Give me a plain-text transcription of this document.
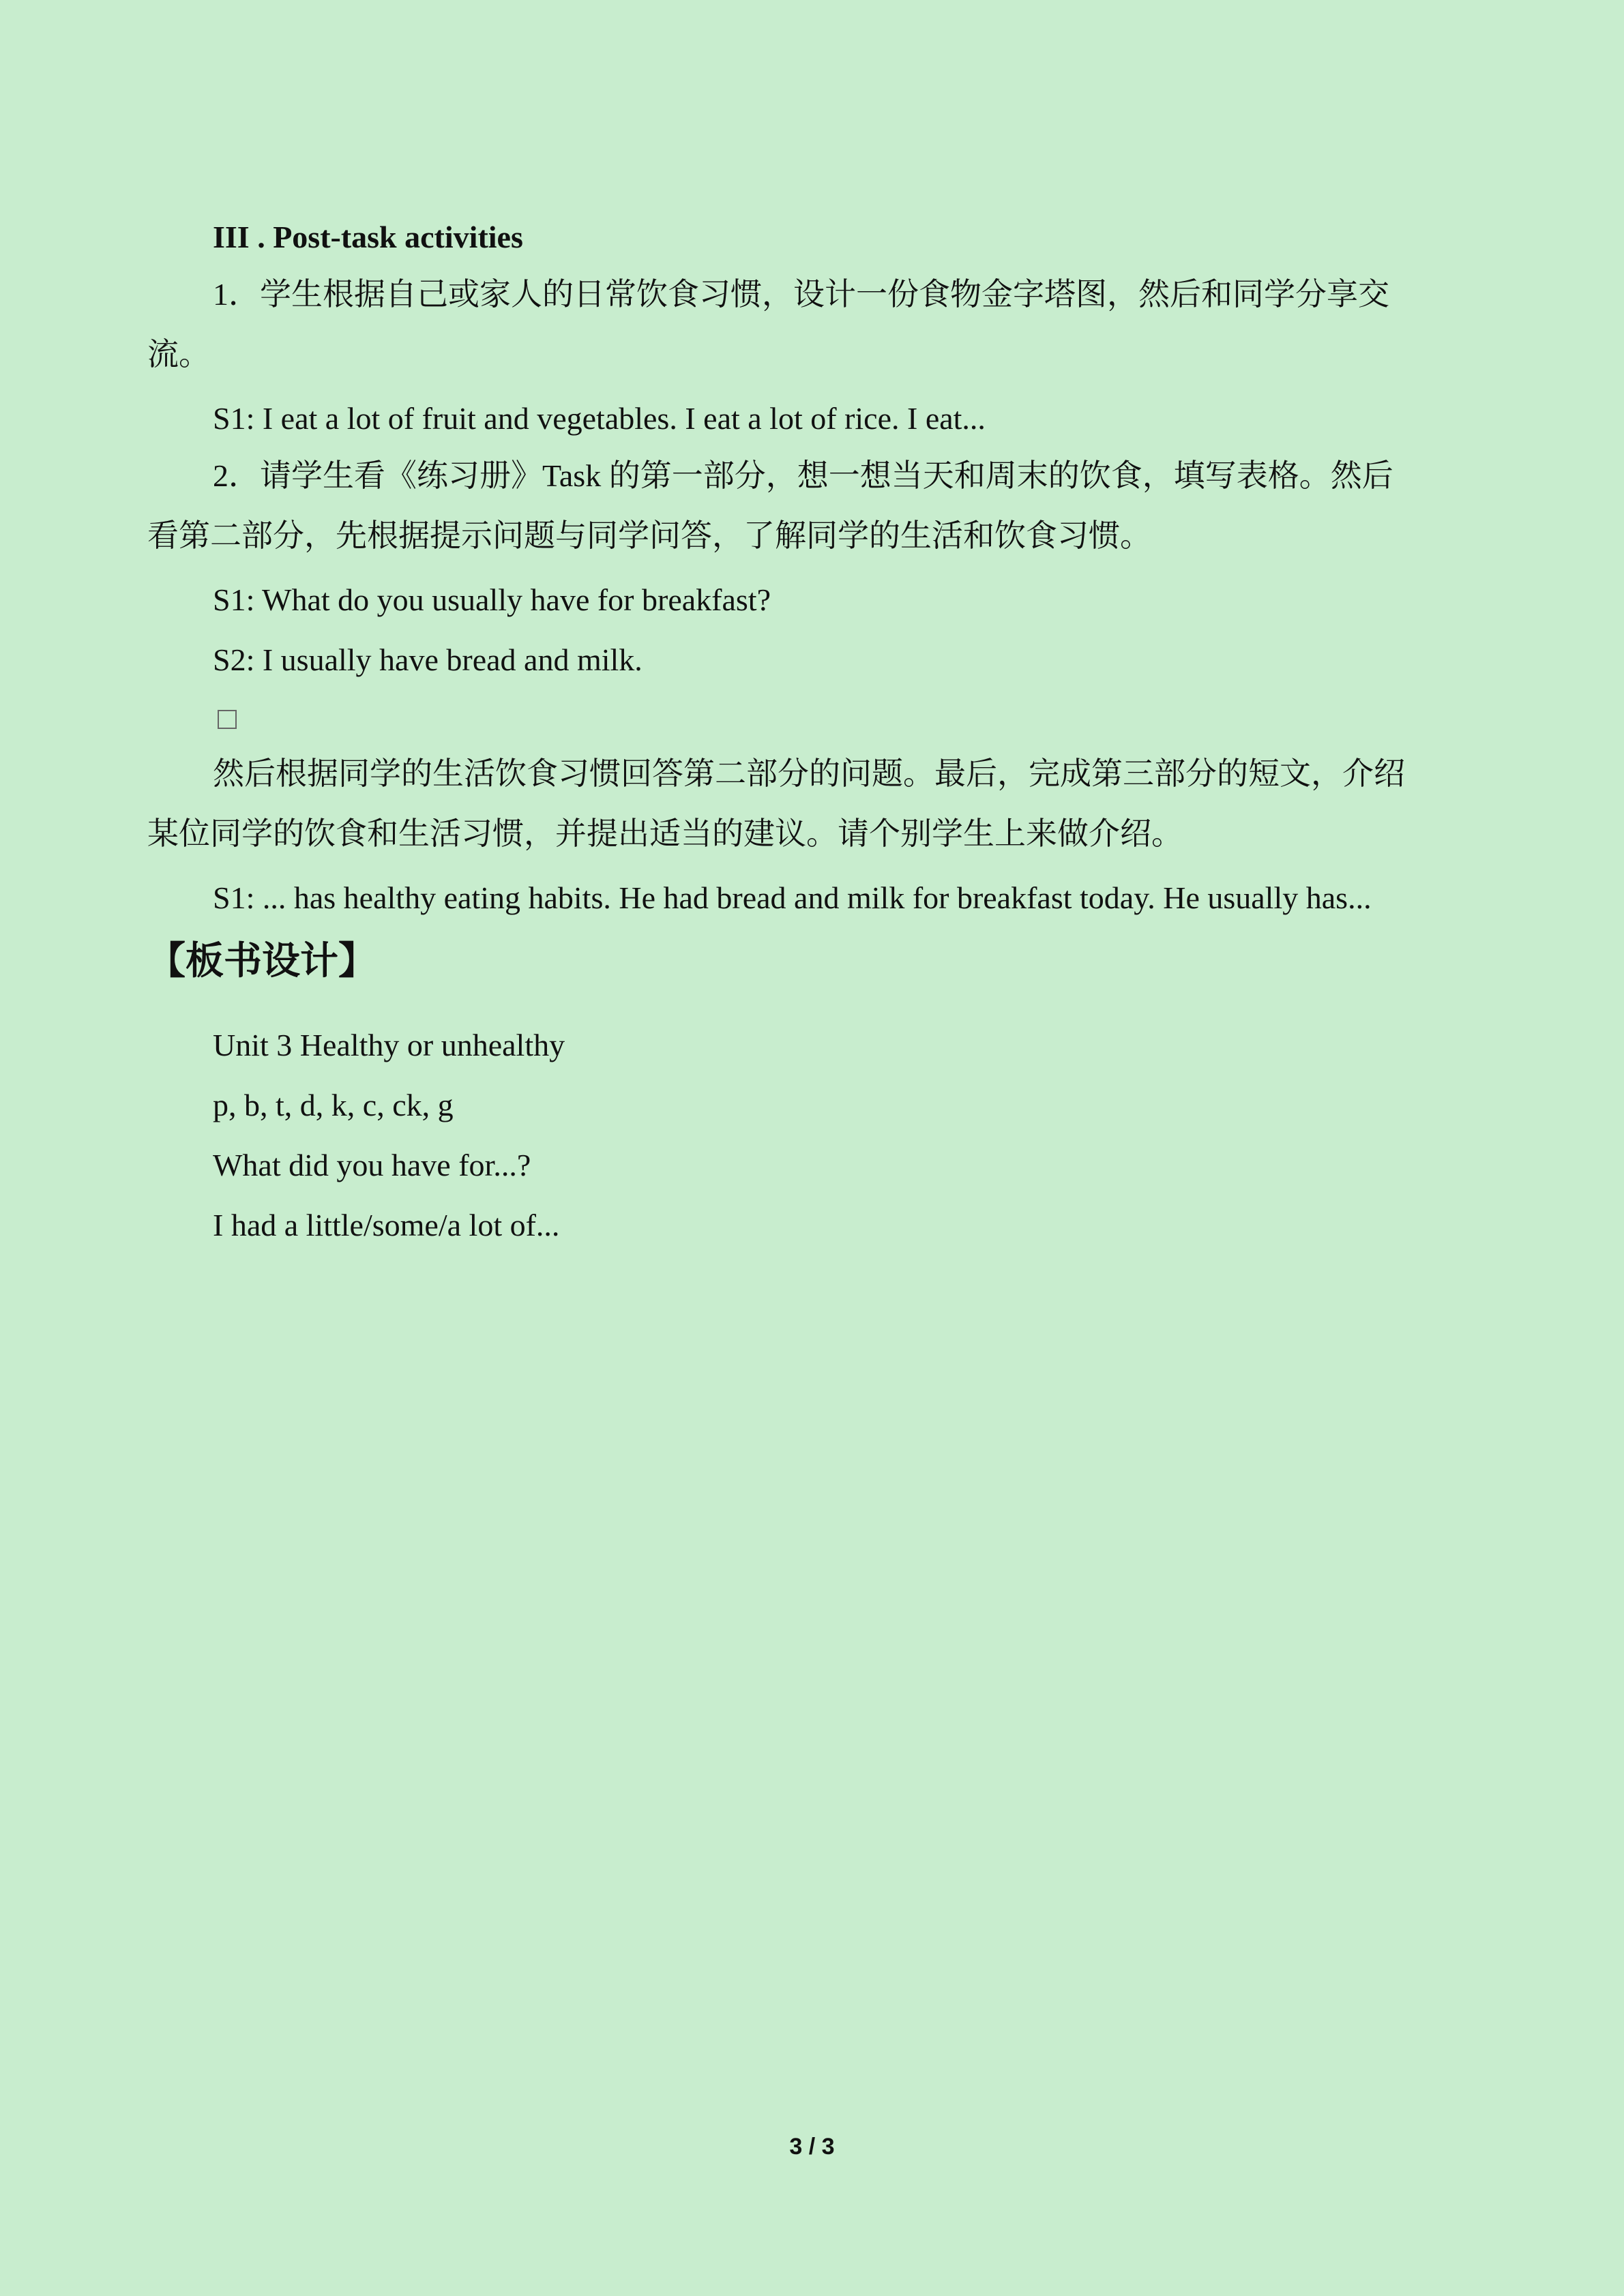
III . Post-task activities

1．学生根据自己或家人的日常饮食习惯，设计一份食物金字塔图，然后和同学分享交

流。

S1: I eat a lot of fruit and vegetables. I eat a lot of rice. I eat...

2．请学生看《练习册》Task 的第一部分，想一想当天和周末的饮食，填写表格。然后

看第二部分，先根据提示问题与同学问答，了解同学的生活和饮食习惯。

S1: What do you usually have for breakfast?

S2: I usually have bread and milk.

然后根据同学的生活饮食习惯回答第二部分的问题。最后，完成第三部分的短文，介绍

某位同学的饮食和生活习惯，并提出适当的建议。请个别学生上来做介绍。

S1: ... has healthy eating habits. He had bread and milk for breakfast today. He usually has...

【板书设计】

Unit 3 Healthy or unhealthy

p, b, t, d, k, c, ck, g

What did you have for...?

I had a little/some/a lot of...

3 / 3
